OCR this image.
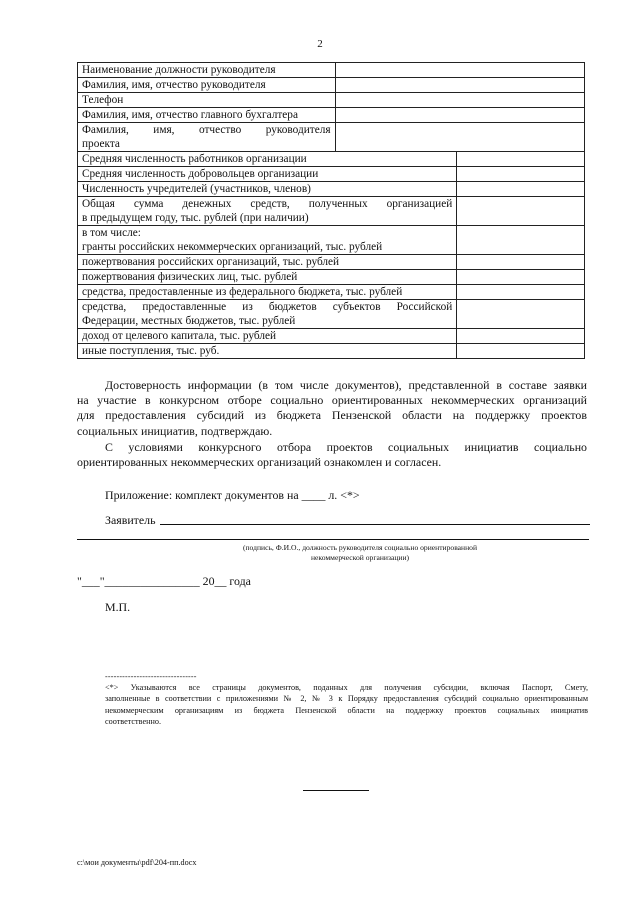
2
Наименование должности руководителя		
Фамилия, имя, отчество руководителя		
Телефон		
Фамилия, имя, отчество главного бухгалтера		

Фамилия, имя, отчество руководителя
проекта		

Средняя численность работников организации		
Средняя численность добровольцев организации		
Численность учредителей (участников, членов)		

Общая сумма денежных средств, полученных организацией
в предыдущем году, тыс. рублей (при наличии)		

в том числе:
гранты российских некоммерческих организаций, тыс. рублей		

пожертвования российских организаций, тыс. рублей		
пожертвования физических лиц, тыс. рублей		
средства, предоставленные из федерального бюджета, тыс. рублей		

средства, предоставленные из бюджетов субъектов Российской
Федерации, местных бюджетов, тыс. рублей		

доход от целевого капитала, тыс. рублей		
иные поступления, тыс. руб.		
Достоверность информации (в том числе документов), представленной в составе заявки
на участие в конкурсном отборе социально ориентированных некоммерческих организаций
для предоставления субсидий из бюджета Пензенской области на поддержку проектов
социальных инициатив, подтверждаю.
С условиями конкурсного отбора проектов социальных инициатив социально
ориентированных некоммерческих организаций ознакомлен и согласен.
Приложение: комплект документов на ____ л. <*>
Заявитель
(подпись, Ф.И.О., должность руководителя социально ориентированной
некоммерческой организации)
"___"________________ 20__ года
М.П.
--------------------------------
<*> Указываются все страницы документов, поданных для получения субсидии, включая Паспорт, Смету,
заполненные в соответствии с приложениями № 2, № 3 к Порядку предоставления субсидий социально ориентированным
некоммерческим организациям из бюджета Пензенской области на поддержку проектов социальных инициатив
соответственно.
c:\мои документы\pdf\204-пп.docx
